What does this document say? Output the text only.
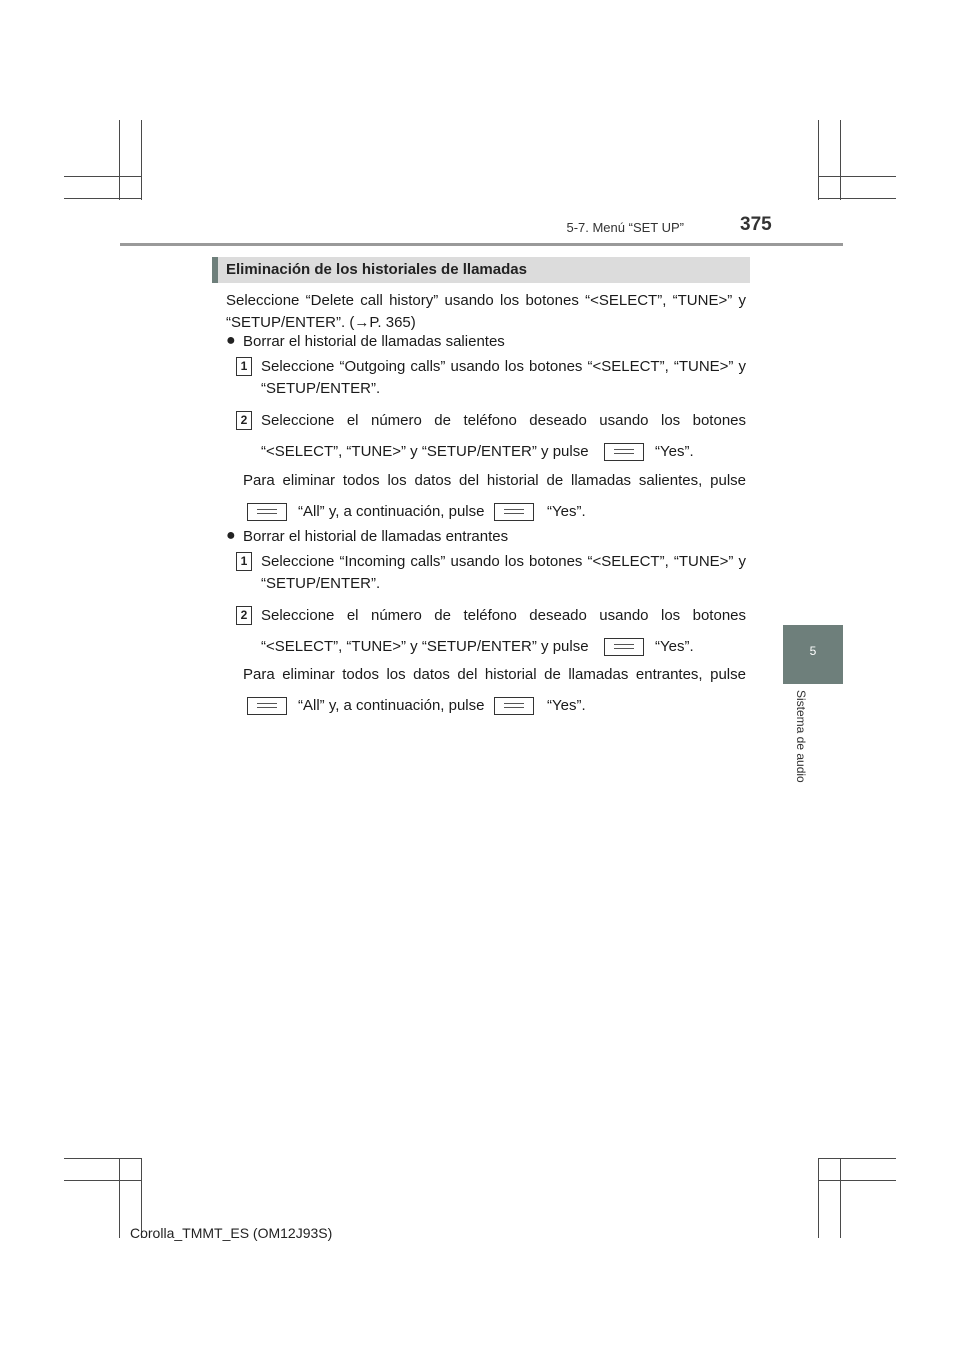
5-7. Menú “SET UP”	375
5
Sistema de audio
Eliminación de los historiales de llamadas
Seleccione “Delete call history” usando los botones “<SELECT”, “TUNE>” y
“SETUP/ENTER”. (→P. 365)
● Borrar el historial de llamadas salientes
1 Seleccione “Outgoing calls” usando los botones “<SELECT”, “TUNE>” y
“SETUP/ENTER”.
2 Seleccione el número de teléfono deseado usando los botones
“<SELECT”, “TUNE>” y “SETUP/ENTER” y pulse	“Yes”.
Para eliminar todos los datos del historial de llamadas salientes, pulse
“All” y, a continuación, pulse	“Yes”.
● Borrar el historial de llamadas entrantes
1 Seleccione “Incoming calls” usando los botones “<SELECT”, “TUNE>” y
“SETUP/ENTER”.
2 Seleccione el número de teléfono deseado usando los botones
“<SELECT”, “TUNE>” y “SETUP/ENTER” y pulse	“Yes”.
Para eliminar todos los datos del historial de llamadas entrantes, pulse
“All” y, a continuación, pulse	“Yes”.
Corolla_TMMT_ES (OM12J93S)
